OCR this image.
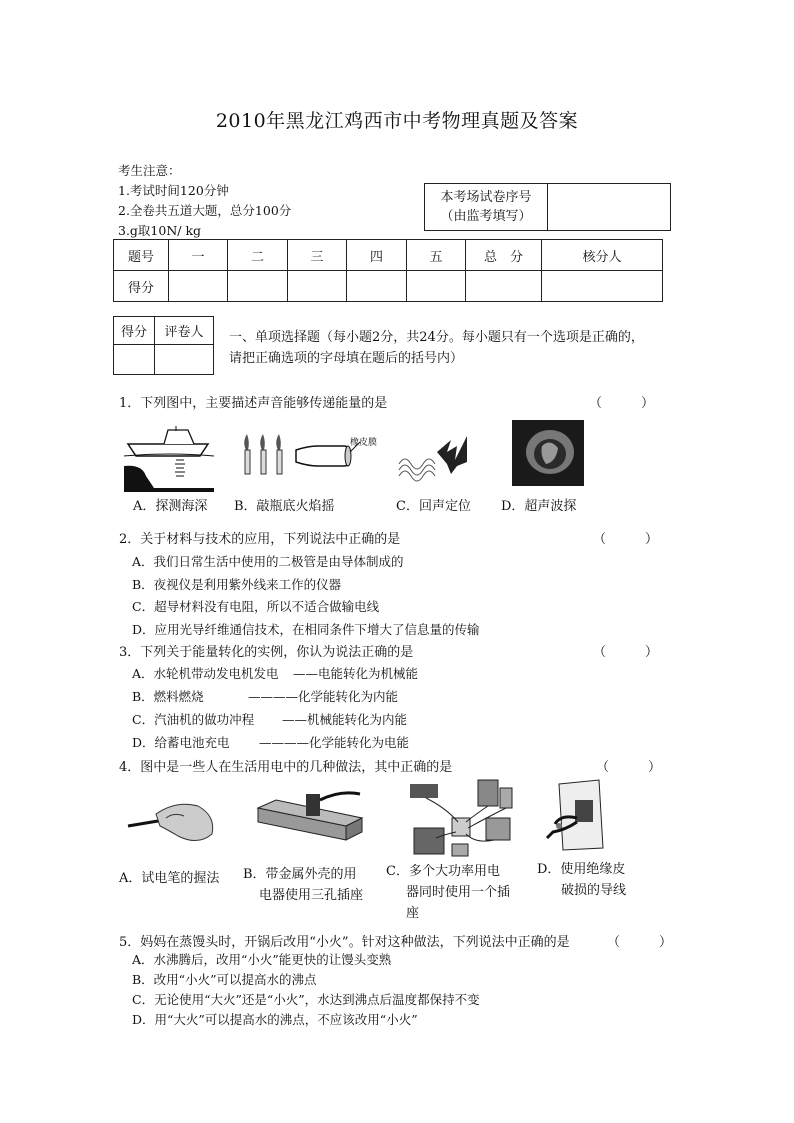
2010年黑龙江鸡西市中考物理真题及答案
考生注意：
1.考试时间120分钟
2.全卷共五道大题，总分100分
3.g取10N/ kg
本考场试卷序号
（由监考填写）

题号	一	二	三	四	五	总　分	核分人
得分							
得分	评卷人
	一、单项选择题（每小题2分，共24分。每小题只有一个选项是正确的，
请把正确选项的字母填在题后的括号内）
1．下列图中，主要描述声音能够传递能量的是	（　　　）
橡皮膜
A．探测海深 B．敲瓶底火焰摇	C．回声定位 D．超声波探
2．关于材料与技术的应用，下列说法中正确的是	（　　　）
A．我们日常生活中使用的二极管是由导体制成的
B．夜视仪是利用紫外线来工作的仪器
C．超导材料没有电阻，所以不适合做输电线
D．应用光导纤维通信技术，在相同条件下增大了信息量的传输
3．下列关于能量转化的实例，你认为说法正确的是	（　　　）
A．水轮机带动发电机发电 ——电能转化为机械能
B．燃料燃烧	————化学能转化为内能
C．汽油机的做功冲程 ——机械能转化为内能
D．给蓄电池充电 ————化学能转化为电能
4．图中是一些人在生活用电中的几种做法，其中正确的是	（　　　）
A．试电笔的握法 B．带金属外壳的用
电器使用三孔插座
C．多个大功率用电
器同时使用一个插
座
D．使用绝缘皮
破损的导线
5．妈妈在蒸馒头时，开锅后改用“小火”。针对这种做法，下列说法中正确的是	（　　　）
A．水沸腾后，改用“小火”能更快的让馒头变熟
B．改用“小火”可以提高水的沸点
C．无论使用“大火”还是“小火”，水达到沸点后温度都保持不变
D．用“大火”可以提高水的沸点，不应该改用“小火”
